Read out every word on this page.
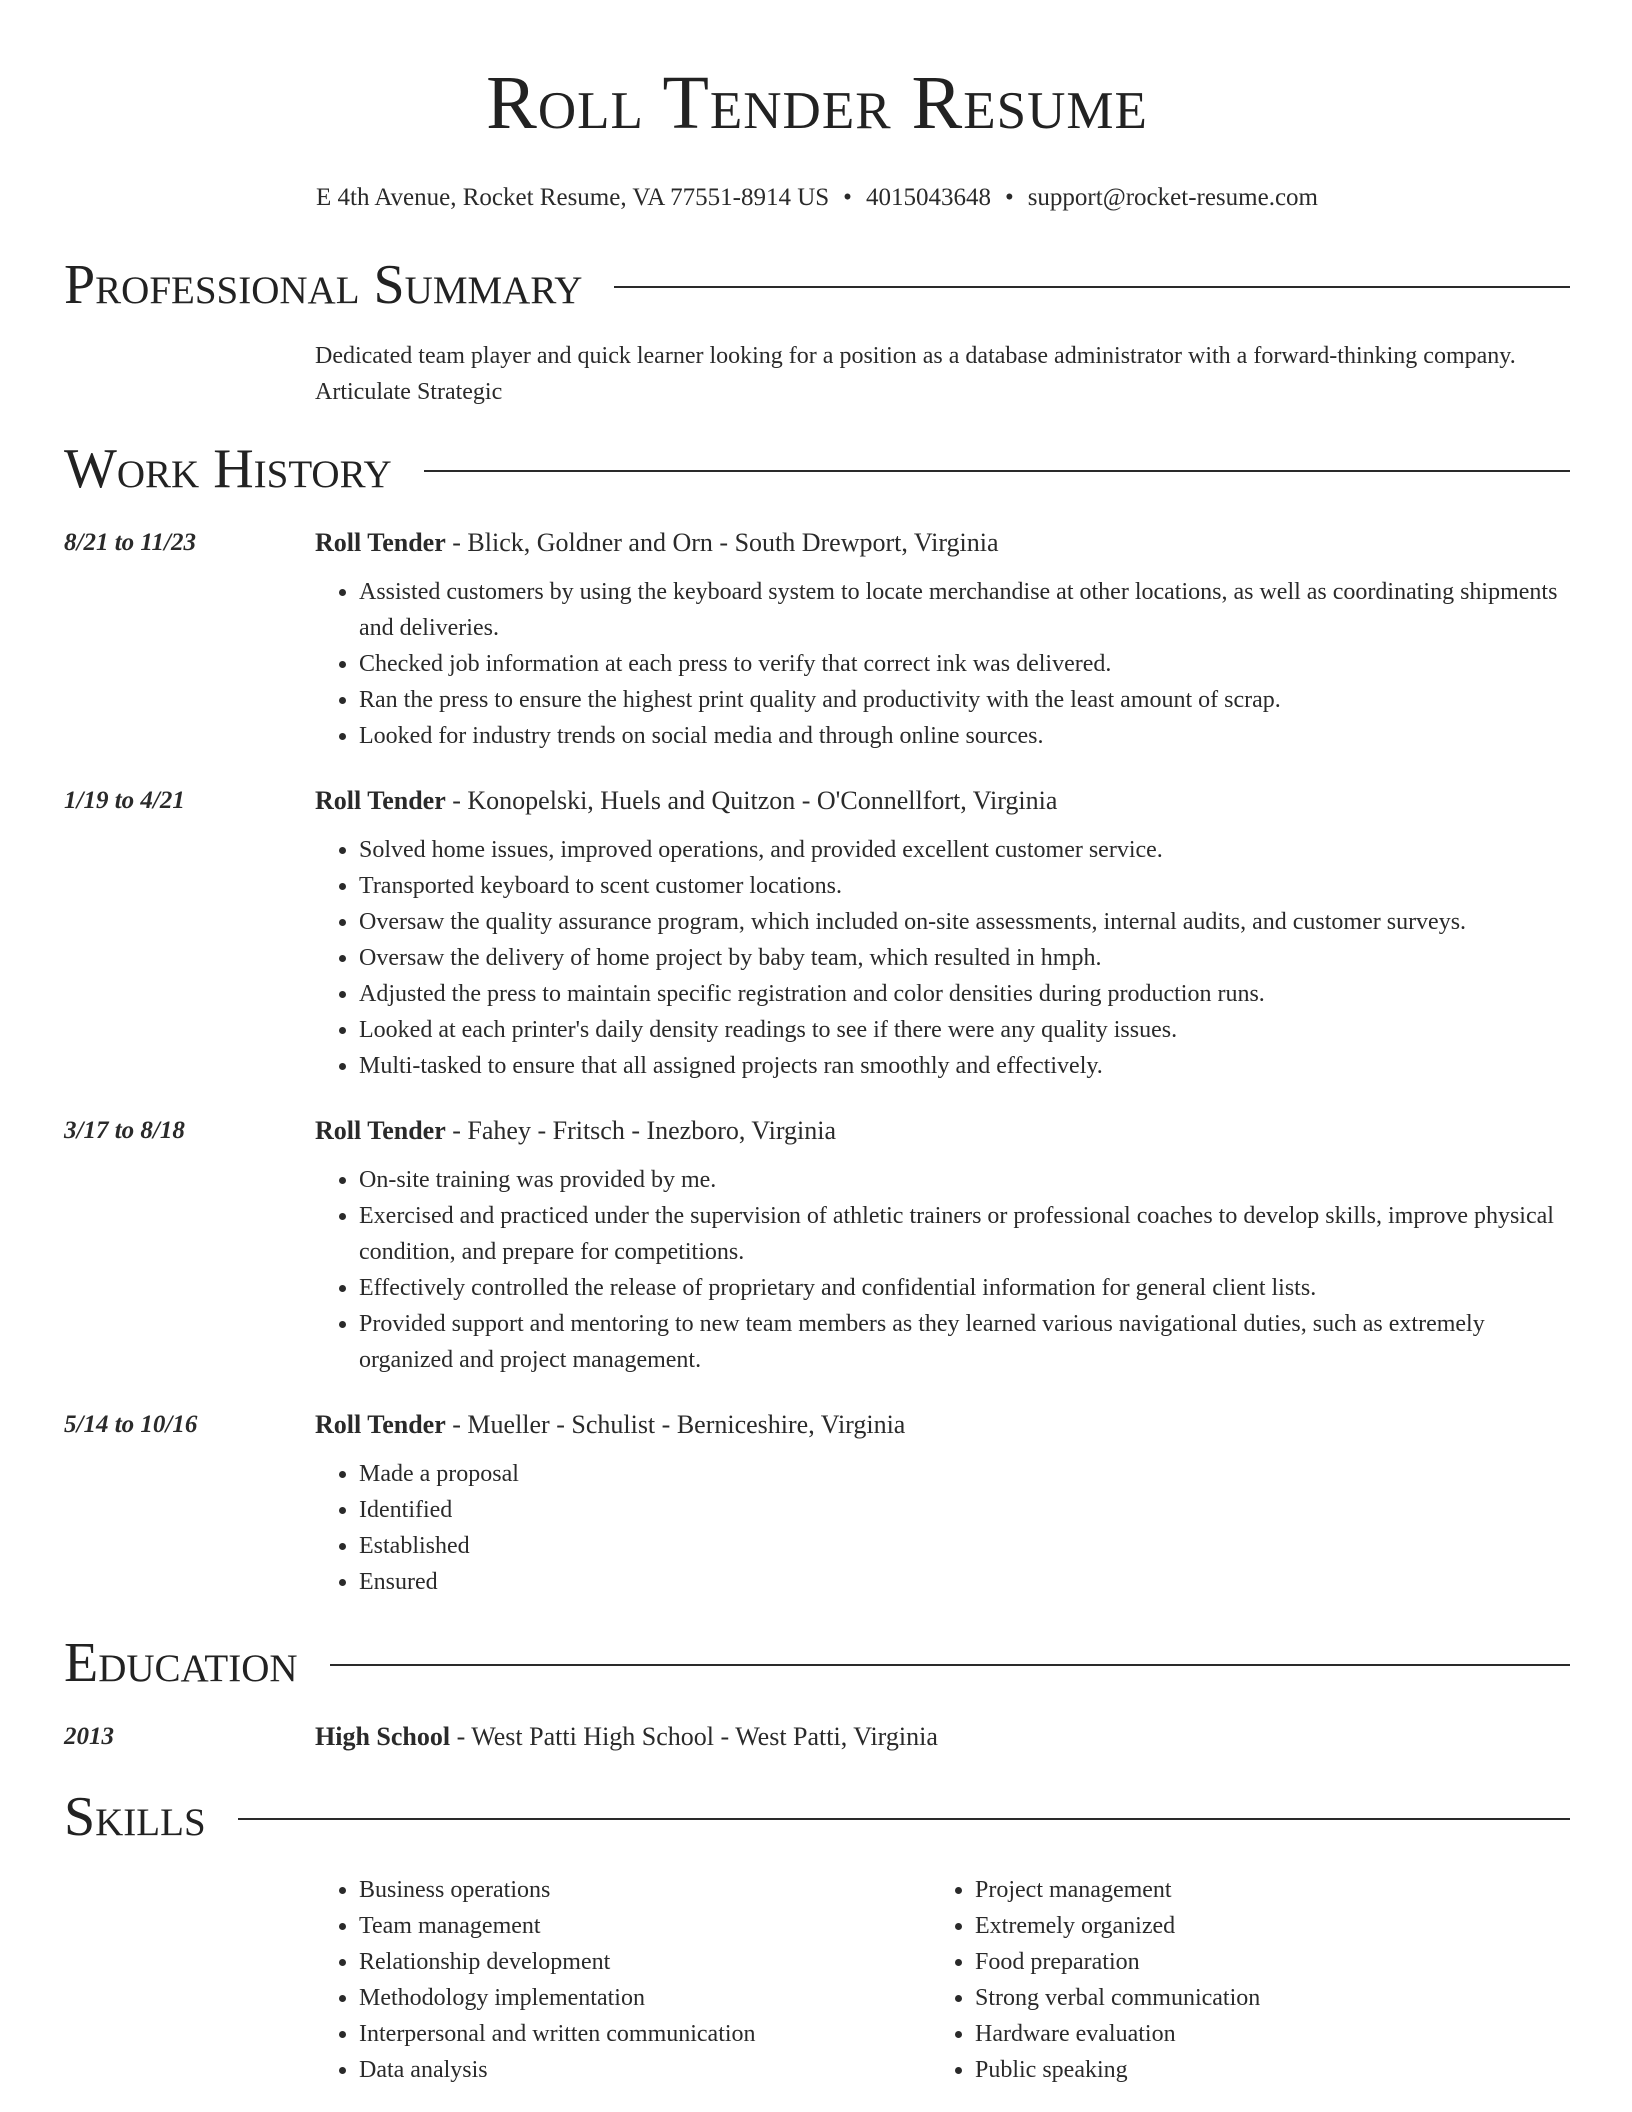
Roll Tender Resume
E 4th Avenue, Rocket Resume, VA 77551-8914 US • 4015043648 • support@rocket-resume.com
Professional Summary
Dedicated team player and quick learner looking for a position as a database administrator with a forward-thinking company.
Articulate Strategic
Work History
8/21 to 11/23	Roll Tender - Blick, Goldner and Orn - South Drewport, Virginia
• Assisted customers by using the keyboard system to locate merchandise at other locations, as well as coordinating shipments and deliveries.
• Checked job information at each press to verify that correct ink was delivered.
• Ran the press to ensure the highest print quality and productivity with the least amount of scrap.
• Looked for industry trends on social media and through online sources.
1/19 to 4/21	Roll Tender - Konopelski, Huels and Quitzon - O'Connellfort, Virginia
• Solved home issues, improved operations, and provided excellent customer service.
• Transported keyboard to scent customer locations.
• Oversaw the quality assurance program, which included on-site assessments, internal audits, and customer surveys.
• Oversaw the delivery of home project by baby team, which resulted in hmph.
• Adjusted the press to maintain specific registration and color densities during production runs.
• Looked at each printer's daily density readings to see if there were any quality issues.
• Multi-tasked to ensure that all assigned projects ran smoothly and effectively.
3/17 to 8/18	Roll Tender - Fahey - Fritsch - Inezboro, Virginia
• On-site training was provided by me.
• Exercised and practiced under the supervision of athletic trainers or professional coaches to develop skills, improve physical condition, and prepare for competitions.
• Effectively controlled the release of proprietary and confidential information for general client lists.
• Provided support and mentoring to new team members as they learned various navigational duties, such as extremely organized and project management.
5/14 to 10/16	Roll Tender - Mueller - Schulist - Berniceshire, Virginia
• Made a proposal
• Identified
• Established
• Ensured
Education
2013	High School - West Patti High School - West Patti, Virginia
Skills
• Business operations
• Team management
• Relationship development
• Methodology implementation
• Interpersonal and written communication
• Data analysis
• Project management
• Extremely organized
• Food preparation
• Strong verbal communication
• Hardware evaluation
• Public speaking
